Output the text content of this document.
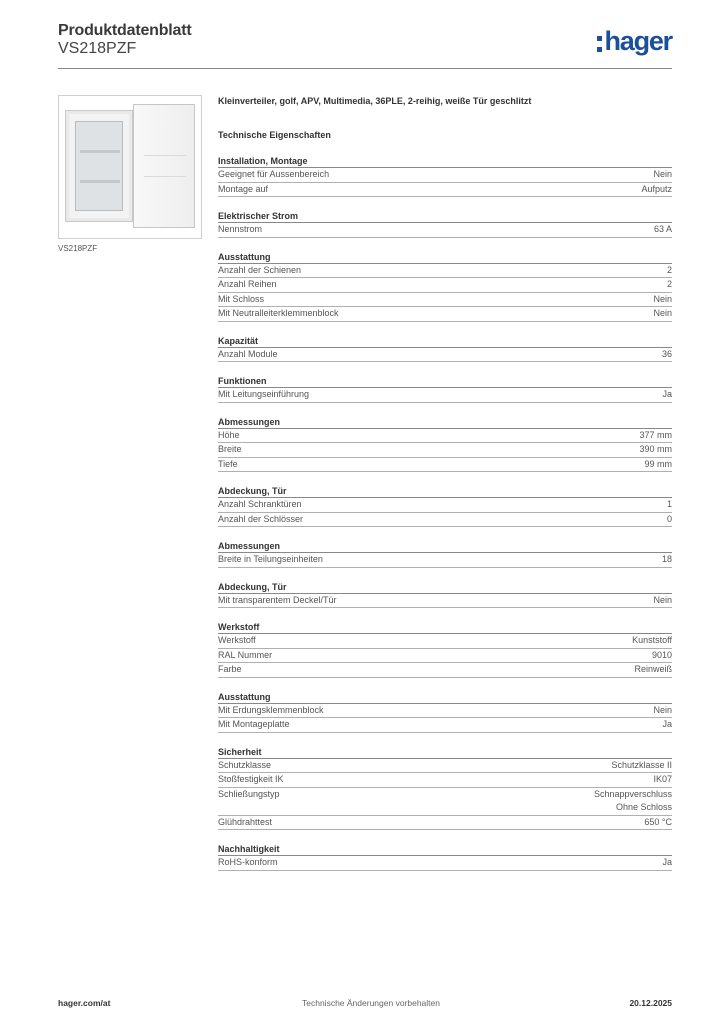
Produktdatenblatt
VS218PZF	hager
VS218PZF
Kleinverteiler, golf, APV, Multimedia, 36PLE, 2-reihig, weiße Tür geschlitzt
Technische Eigenschaften
Installation, Montage
Geeignet für Aussenbereich	Nein
Montage auf	Aufputz
Elektrischer Strom
Nennstrom	63 A
Ausstattung
Anzahl der Schienen	2
Anzahl Reihen	2
Mit Schloss	Nein
Mit Neutralleiterklemmenblock	Nein
Kapazität
Anzahl Module	36
Funktionen
Mit Leitungseinführung	Ja
Abmessungen
Höhe	377 mm
Breite	390 mm
Tiefe	99 mm
Abdeckung, Tür
Anzahl Schranktüren	1
Anzahl der Schlösser	0
Abmessungen
Breite in Teilungseinheiten	18
Abdeckung, Tür
Mit transparentem Deckel/Tür	Nein
Werkstoff
Werkstoff	Kunststoff
RAL Nummer	9010
Farbe	Reinweiß
Ausstattung
Mit Erdungsklemmenblock	Nein
Mit Montageplatte	Ja
Sicherheit
Schutzklasse	Schutzklasse II
Stoßfestigkeit IK	IK07
Schließungstyp	Schnappverschluss
Ohne Schloss
Glühdrahttest	650 °C
Nachhaltigkeit
RoHS-konform	Ja
hager.com/at	Technische Änderungen vorbehalten	20.12.2025
